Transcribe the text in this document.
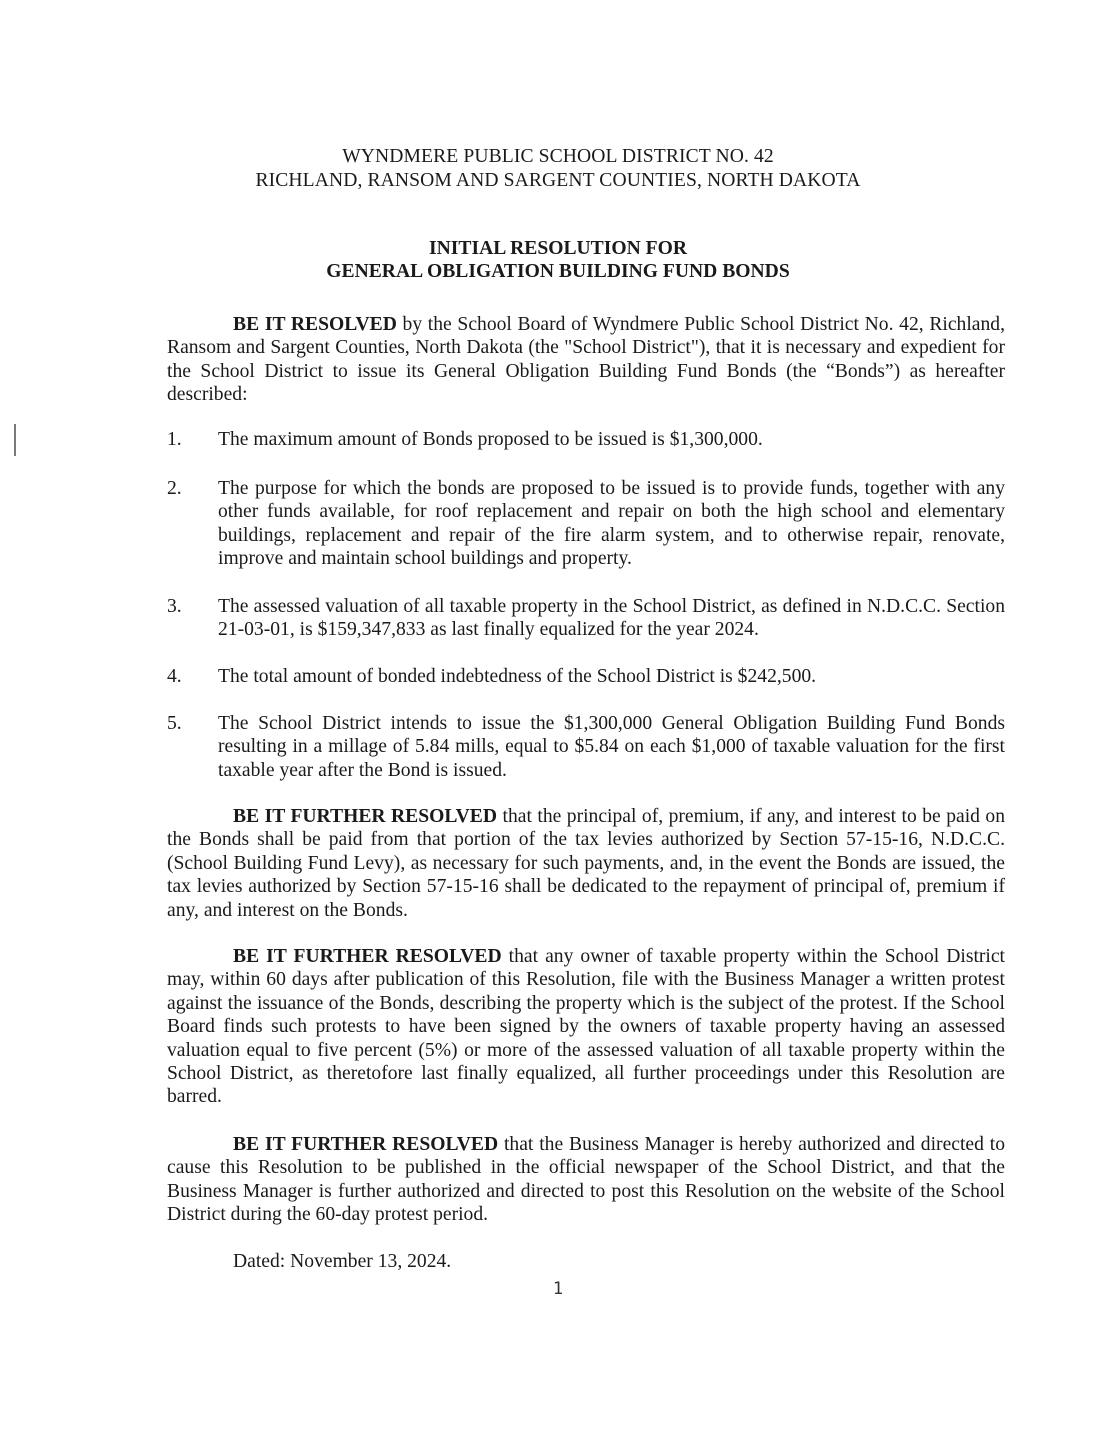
WYNDMERE PUBLIC SCHOOL DISTRICT NO. 42
RICHLAND, RANSOM AND SARGENT COUNTIES, NORTH DAKOTA
INITIAL RESOLUTION FOR
GENERAL OBLIGATION BUILDING FUND BONDS
BE IT RESOLVED by the School Board of Wyndmere Public School District No. 42, Richland, Ransom and Sargent Counties, North Dakota (the "School District"), that it is necessary and expedient for the School District to issue its General Obligation Building Fund Bonds (the “Bonds”) as hereafter described:
1.	The maximum amount of Bonds proposed to be issued is $1,300,000.
2.	The purpose for which the bonds are proposed to be issued is to provide funds, together with any other funds available, for roof replacement and repair on both the high school and elementary buildings, replacement and repair of the fire alarm system, and to otherwise repair, renovate, improve and maintain school buildings and property.
3.	The assessed valuation of all taxable property in the School District, as defined in N.D.C.C. Section 21-03-01, is $159,347,833 as last finally equalized for the year 2024.
4.	The total amount of bonded indebtedness of the School District is $242,500.
5.	The School District intends to issue the $1,300,000 General Obligation Building Fund Bonds resulting in a millage of 5.84 mills, equal to $5.84 on each $1,000 of taxable valuation for the first taxable year after the Bond is issued.
BE IT FURTHER RESOLVED that the principal of, premium, if any, and interest to be paid on the Bonds shall be paid from that portion of the tax levies authorized by Section 57-15-16, N.D.C.C. (School Building Fund Levy), as necessary for such payments, and, in the event the Bonds are issued, the tax levies authorized by Section 57-15-16 shall be dedicated to the repayment of principal of, premium if any, and interest on the Bonds.
BE IT FURTHER RESOLVED that any owner of taxable property within the School District may, within 60 days after publication of this Resolution, file with the Business Manager a written protest against the issuance of the Bonds, describing the property which is the subject of the protest. If the School Board finds such protests to have been signed by the owners of taxable property having an assessed valuation equal to five percent (5%) or more of the assessed valuation of all taxable property within the School District, as theretofore last finally equalized, all further proceedings under this Resolution are barred.
BE IT FURTHER RESOLVED that the Business Manager is hereby authorized and directed to cause this Resolution to be published in the official newspaper of the School District, and that the Business Manager is further authorized and directed to post this Resolution on the website of the School District during the 60-day protest period.
Dated: November 13, 2024.
1
